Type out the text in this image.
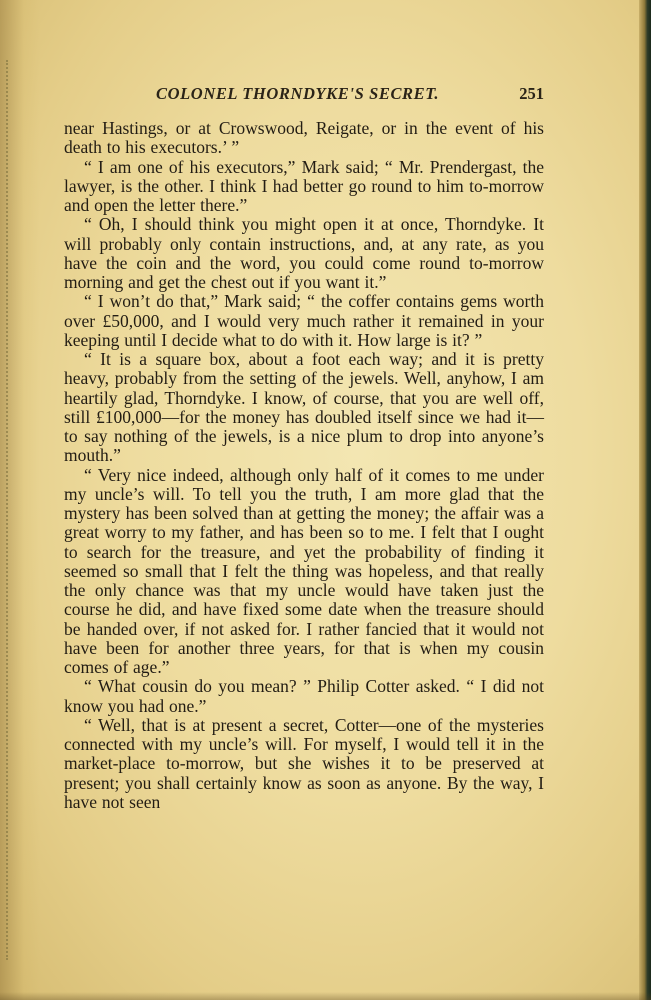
COLONEL THORNDYKE'S SECRET.	251

near Hastings, or at Crowswood, Reigate, or in the event of his death to his executors.’ ”

“ I am one of his executors,” Mark said; “ Mr. Prendergast, the lawyer, is the other. I think I had better go round to him to-morrow and open the letter there.”

“ Oh, I should think you might open it at once, Thorndyke. It will probably only contain instructions, and, at any rate, as you have the coin and the word, you could come round to-morrow morning and get the chest out if you want it.”

“ I won’t do that,” Mark said; “ the coffer contains gems worth over £50,000, and I would very much rather it remained in your keeping until I decide what to do with it. How large is it? ”

“ It is a square box, about a foot each way; and it is pretty heavy, probably from the setting of the jewels. Well, anyhow, I am heartily glad, Thorndyke. I know, of course, that you are well off, still £100,000—for the money has doubled itself since we had it—to say nothing of the jewels, is a nice plum to drop into anyone’s mouth.”

“ Very nice indeed, although only half of it comes to me under my uncle’s will. To tell you the truth, I am more glad that the mystery has been solved than at getting the money; the affair was a great worry to my father, and has been so to me. I felt that I ought to search for the treasure, and yet the probability of finding it seemed so small that I felt the thing was hopeless, and that really the only chance was that my uncle would have taken just the course he did, and have fixed some date when the treasure should be handed over, if not asked for. I rather fancied that it would not have been for another three years, for that is when my cousin comes of age.”

“ What cousin do you mean? ” Philip Cotter asked. “ I did not know you had one.”

“ Well, that is at present a secret, Cotter—one of the mysteries connected with my uncle’s will. For myself, I would tell it in the market-place to-morrow, but she wishes it to be preserved at present; you shall certainly know as soon as anyone. By the way, I have not seen
